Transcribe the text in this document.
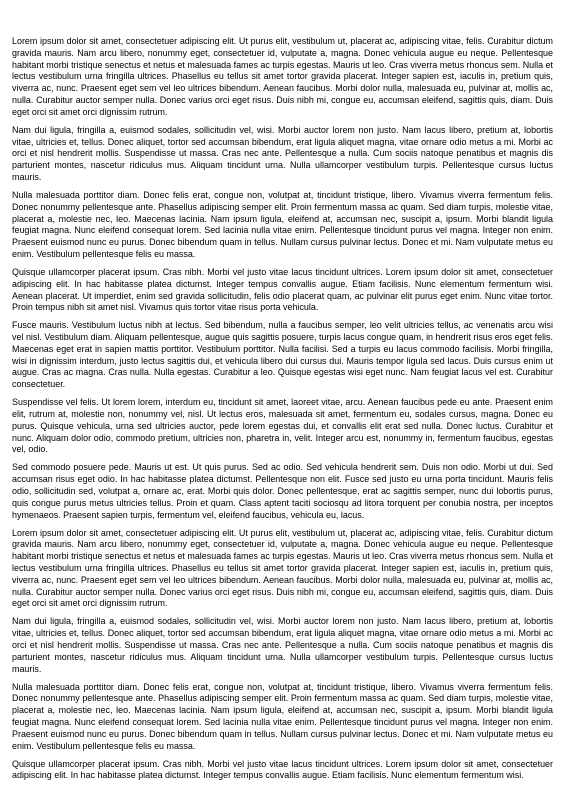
Lorem ipsum dolor sit amet, consectetuer adipiscing elit. Ut purus elit, vestibulum ut, placerat ac, adipiscing vitae, felis. Curabitur dictum gravida mauris. Nam arcu libero, nonummy eget, consectetuer id, vulputate a, magna. Donec vehicula augue eu neque. Pellentesque habitant morbi tristique senectus et netus et malesuada fames ac turpis egestas. Mauris ut leo. Cras viverra metus rhoncus sem. Nulla et lectus vestibulum urna fringilla ultrices. Phasellus eu tellus sit amet tortor gravida placerat. Integer sapien est, iaculis in, pretium quis, viverra ac, nunc. Praesent eget sem vel leo ultrices bibendum. Aenean faucibus. Morbi dolor nulla, malesuada eu, pulvinar at, mollis ac, nulla. Curabitur auctor semper nulla. Donec varius orci eget risus. Duis nibh mi, congue eu, accumsan eleifend, sagittis quis, diam. Duis eget orci sit amet orci dignissim rutrum.

Nam dui ligula, fringilla a, euismod sodales, sollicitudin vel, wisi. Morbi auctor lorem non justo. Nam lacus libero, pretium at, lobortis vitae, ultricies et, tellus. Donec aliquet, tortor sed accumsan bibendum, erat ligula aliquet magna, vitae ornare odio metus a mi. Morbi ac orci et nisl hendrerit mollis. Suspendisse ut massa. Cras nec ante. Pellentesque a nulla. Cum sociis natoque penatibus et magnis dis parturient montes, nascetur ridiculus mus. Aliquam tincidunt urna. Nulla ullamcorper vestibulum turpis. Pellentesque cursus luctus mauris.

Nulla malesuada porttitor diam. Donec felis erat, congue non, volutpat at, tincidunt tristique, libero. Vivamus viverra fermentum felis. Donec nonummy pellentesque ante. Phasellus adipiscing semper elit. Proin fermentum massa ac quam. Sed diam turpis, molestie vitae, placerat a, molestie nec, leo. Maecenas lacinia. Nam ipsum ligula, eleifend at, accumsan nec, suscipit a, ipsum. Morbi blandit ligula feugiat magna. Nunc eleifend consequat lorem. Sed lacinia nulla vitae enim. Pellentesque tincidunt purus vel magna. Integer non enim. Praesent euismod nunc eu purus. Donec bibendum quam in tellus. Nullam cursus pulvinar lectus. Donec et mi. Nam vulputate metus eu enim. Vestibulum pellentesque felis eu massa.

Quisque ullamcorper placerat ipsum. Cras nibh. Morbi vel justo vitae lacus tincidunt ultrices. Lorem ipsum dolor sit amet, consectetuer adipiscing elit. In hac habitasse platea dictumst. Integer tempus convallis augue. Etiam facilisis. Nunc elementum fermentum wisi. Aenean placerat. Ut imperdiet, enim sed gravida sollicitudin, felis odio placerat quam, ac pulvinar elit purus eget enim. Nunc vitae tortor. Proin tempus nibh sit amet nisl. Vivamus quis tortor vitae risus porta vehicula.

Fusce mauris. Vestibulum luctus nibh at lectus. Sed bibendum, nulla a faucibus semper, leo velit ultricies tellus, ac venenatis arcu wisi vel nisl. Vestibulum diam. Aliquam pellentesque, augue quis sagittis posuere, turpis lacus congue quam, in hendrerit risus eros eget felis. Maecenas eget erat in sapien mattis porttitor. Vestibulum porttitor. Nulla facilisi. Sed a turpis eu lacus commodo facilisis. Morbi fringilla, wisi in dignissim interdum, justo lectus sagittis dui, et vehicula libero dui cursus dui. Mauris tempor ligula sed lacus. Duis cursus enim ut augue. Cras ac magna. Cras nulla. Nulla egestas. Curabitur a leo. Quisque egestas wisi eget nunc. Nam feugiat lacus vel est. Curabitur consectetuer.

Suspendisse vel felis. Ut lorem lorem, interdum eu, tincidunt sit amet, laoreet vitae, arcu. Aenean faucibus pede eu ante. Praesent enim elit, rutrum at, molestie non, nonummy vel, nisl. Ut lectus eros, malesuada sit amet, fermentum eu, sodales cursus, magna. Donec eu purus. Quisque vehicula, urna sed ultricies auctor, pede lorem egestas dui, et convallis elit erat sed nulla. Donec luctus. Curabitur et nunc. Aliquam dolor odio, commodo pretium, ultricies non, pharetra in, velit. Integer arcu est, nonummy in, fermentum faucibus, egestas vel, odio.

Sed commodo posuere pede. Mauris ut est. Ut quis purus. Sed ac odio. Sed vehicula hendrerit sem. Duis non odio. Morbi ut dui. Sed accumsan risus eget odio. In hac habitasse platea dictumst. Pellentesque non elit. Fusce sed justo eu urna porta tincidunt. Mauris felis odio, sollicitudin sed, volutpat a, ornare ac, erat. Morbi quis dolor. Donec pellentesque, erat ac sagittis semper, nunc dui lobortis purus, quis congue purus metus ultricies tellus. Proin et quam. Class aptent taciti sociosqu ad litora torquent per conubia nostra, per inceptos hymenaeos. Praesent sapien turpis, fermentum vel, eleifend faucibus, vehicula eu, lacus.

Lorem ipsum dolor sit amet, consectetuer adipiscing elit. Ut purus elit, vestibulum ut, placerat ac, adipiscing vitae, felis. Curabitur dictum gravida mauris. Nam arcu libero, nonummy eget, consectetuer id, vulputate a, magna. Donec vehicula augue eu neque. Pellentesque habitant morbi tristique senectus et netus et malesuada fames ac turpis egestas. Mauris ut leo. Cras viverra metus rhoncus sem. Nulla et lectus vestibulum urna fringilla ultrices. Phasellus eu tellus sit amet tortor gravida placerat. Integer sapien est, iaculis in, pretium quis, viverra ac, nunc. Praesent eget sem vel leo ultrices bibendum. Aenean faucibus. Morbi dolor nulla, malesuada eu, pulvinar at, mollis ac, nulla. Curabitur auctor semper nulla. Donec varius orci eget risus. Duis nibh mi, congue eu, accumsan eleifend, sagittis quis, diam. Duis eget orci sit amet orci dignissim rutrum.

Nam dui ligula, fringilla a, euismod sodales, sollicitudin vel, wisi. Morbi auctor lorem non justo. Nam lacus libero, pretium at, lobortis vitae, ultricies et, tellus. Donec aliquet, tortor sed accumsan bibendum, erat ligula aliquet magna, vitae ornare odio metus a mi. Morbi ac orci et nisl hendrerit mollis. Suspendisse ut massa. Cras nec ante. Pellentesque a nulla. Cum sociis natoque penatibus et magnis dis parturient montes, nascetur ridiculus mus. Aliquam tincidunt urna. Nulla ullamcorper vestibulum turpis. Pellentesque cursus luctus mauris.

Nulla malesuada porttitor diam. Donec felis erat, congue non, volutpat at, tincidunt tristique, libero. Vivamus viverra fermentum felis. Donec nonummy pellentesque ante. Phasellus adipiscing semper elit. Proin fermentum massa ac quam. Sed diam turpis, molestie vitae, placerat a, molestie nec, leo. Maecenas lacinia. Nam ipsum ligula, eleifend at, accumsan nec, suscipit a, ipsum. Morbi blandit ligula feugiat magna. Nunc eleifend consequat lorem. Sed lacinia nulla vitae enim. Pellentesque tincidunt purus vel magna. Integer non enim. Praesent euismod nunc eu purus. Donec bibendum quam in tellus. Nullam cursus pulvinar lectus. Donec et mi. Nam vulputate metus eu enim. Vestibulum pellentesque felis eu massa.

Quisque ullamcorper placerat ipsum. Cras nibh. Morbi vel justo vitae lacus tincidunt ultrices. Lorem ipsum dolor sit amet, consectetuer adipiscing elit. In hac habitasse platea dictumst. Integer tempus convallis augue. Etiam facilisis. Nunc elementum fermentum wisi.
